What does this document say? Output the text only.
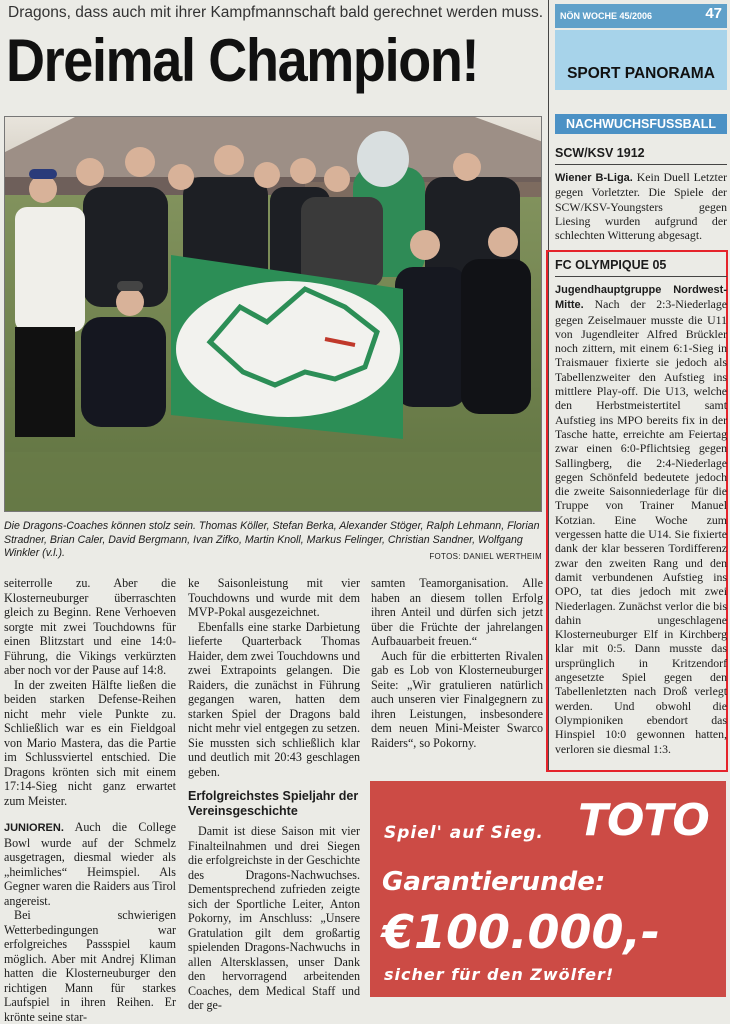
Dragons, dass auch mit ihrer Kampfmannschaft bald gerechnet werden muss.
Dreimal Champion!
Die Dragons-Coaches können stolz sein. Thomas Köller, Stefan Berka, Alexander Stöger, Ralph Lehmann, Florian Stradner, Brian Caler, David Bergmann, Ivan Zifko, Martin Knoll, Markus Felinger, Christian Sandner, Wolfgang Winkler (v.l.).	FOTOS: DANIEL WERTHEIM

seiterrolle zu. Aber die Klosterneuburger überraschten gleich zu Beginn. Rene Verhoeven sorgte mit zwei Touchdowns für einen Blitzstart und eine 14:0-Führung, die Vikings verkürzten aber noch vor der Pause auf 14:8.

In der zweiten Hälfte ließen die beiden starken Defense-Reihen nicht mehr viele Punkte zu. Schließlich war es ein Fieldgoal von Mario Mastera, das die Partie im Schlussviertel entschied. Die Dragons krönten sich mit einem 17:14-Sieg nicht ganz erwartet zum Meister.

JUNIOREN. Auch die College Bowl wurde auf der Schmelz ausgetragen, diesmal wieder als „heimliches“ Heimspiel. Als Gegner waren die Raiders aus Tirol angereist.

Bei schwierigen Wetterbedingungen war erfolgreiches Passspiel kaum möglich. Aber mit Andrej Kliman hatten die Klosterneuburger den richtigen Mann für starkes Laufspiel in ihren Reihen. Er krönte seine star-

ke Saisonleistung mit vier Touchdowns und wurde mit dem MVP-Pokal ausgezeichnet.

Ebenfalls eine starke Darbietung lieferte Quarterback Thomas Haider, dem zwei Touchdowns und zwei Extrapoints gelangen. Die Raiders, die zunächst in Führung gegangen waren, hatten dem starken Spiel der Dragons bald nicht mehr viel entgegen zu setzen. Sie mussten sich schließlich klar und deutlich mit 20:43 geschlagen geben.

Erfolgreichstes Spieljahr der Vereinsgeschichte

Damit ist diese Saison mit vier Finalteilnahmen und drei Siegen die erfolgreichste in der Geschichte des Dragons-Nachwuchses. Dementsprechend zufrieden zeigte sich der Sportliche Leiter, Anton Pokorny, im Anschluss: „Unsere Gratulation gilt dem großartig spielenden Dragons-Nachwuchs in allen Altersklassen, unser Dank den hervorragend arbeitenden Coaches, dem Medical Staff und der ge-

samten Teamorganisation. Alle haben an diesem tollen Erfolg ihren Anteil und dürfen sich jetzt über die Früchte der jahrelangen Aufbauarbeit freuen.“

Auch für die erbitterten Rivalen gab es Lob von Klosterneuburger Seite: „Wir gratulieren natürlich auch unseren vier Finalgegnern zu ihren Leistungen, insbesondere dem neuen Mini-Meister Swarco Raiders“, so Pokorny.

NÖN WOCHE 45/2006	47
SPORT PANORAMA
NACHWUCHSFUSSBALL
SCW/KSV 1912
Wiener B-Liga. Kein Duell Letzter gegen Vorletzter. Die Spiele der SCW/KSV-Youngsters gegen Liesing wurden aufgrund der schlechten Witterung abgesagt.
FC OLYMPIQUE 05
Jugendhauptgruppe Nordwest-Mitte. Nach der 2:3-Niederlage gegen Zeiselmauer musste die U11 von Jugendleiter Alfred Brückler noch zittern, mit einem 6:1-Sieg in Traismauer fixierte sie jedoch als Tabellenzweiter den Aufstieg ins mittlere Play-off. Die U13, welche den Herbstmeistertitel samt Aufstieg ins MPO bereits fix in der Tasche hatte, erreichte am Feiertag zwar einen 6:0-Pflichtsieg gegen Sallingberg, die 2:4-Niederlage gegen Schönfeld bedeutete jedoch die zweite Saisonniederlage für die Truppe von Trainer Manuel Kotzian. Eine Woche zum vergessen hatte die U14. Sie fixierte dank der klar besseren Tordifferenz zwar den zweiten Rang und den damit verbundenen Aufstieg ins OPO, tat dies jedoch mit zwei Niederlagen. Zunächst verlor die bis dahin ungeschlagene Klosterneuburger Elf in Kirchberg klar mit 0:5. Dann musste das ursprünglich in Kritzendorf angesetzte Spiel gegen den Tabellenletzten nach Droß verlegt werden. Und obwohl die Olympioniken ebendort das Hinspiel 10:0 gewonnen hatten, verloren sie diesmal 1:3.
Spiel' auf Sieg. TOTO
Garantierunde:
€100.000,-
sicher für den Zwölfer!
